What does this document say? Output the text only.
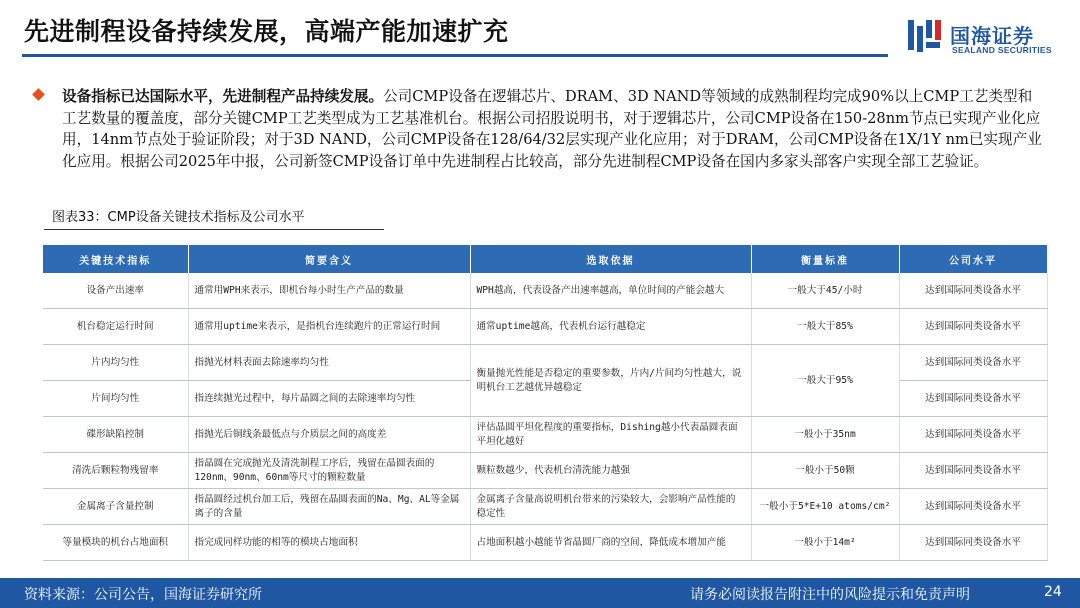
先进制程设备持续发展，高端产能加速扩充	国海证券
SEALAND SECURITIES
设备指标已达国际水平，先进制程产品持续发展。公司CMP设备在逻辑芯片、DRAM、3D NAND等领域的成熟制程均完成90%以上CMP工艺类型和工艺数量的覆盖度，部分关键CMP工艺类型成为工艺基准机台。根据公司招股说明书，对于逻辑芯片，公司CMP设备在150-28nm节点已实现产业化应用，14nm节点处于验证阶段；对于3D NAND，公司CMP设备在128/64/32层实现产业化应用；对于DRAM，公司CMP设备在1X/1Y nm已实现产业化应用。根据公司2025年中报，公司新签CMP设备订单中先进制程占比较高，部分先进制程CMP设备在国内多家头部客户实现全部工艺验证。
图表33：CMP设备关键技术指标及公司水平
关键技术指标	简要含义	选取依据	衡量标准	公司水平
设备产出速率	通常用WPH来表示，即机台每小时生产产品的数量	WPH越高，代表设备产出速率越高，单位时间的产能会越大	一般大于45/小时	达到国际同类设备水平
机台稳定运行时间	通常用uptime来表示，是指机台连续跑片的正常运行时间	通常uptime越高，代表机台运行越稳定	一般大于85%	达到国际同类设备水平
片内均匀性	指抛光材料表面去除速率均匀性	衡量抛光性能是否稳定的重要参数，片内/片间均匀性越大，说明机台工艺越优异越稳定	一般大于95%	达到国际同类设备水平
片间均匀性	指连续抛光过程中，每片晶圆之间的去除速率均匀性			达到国际同类设备水平
碟形缺陷控制	指抛光后铜线条最低点与介质层之间的高度差	评估晶圆平坦化程度的重要指标，Dishing越小代表晶圆表面平坦化越好	一般小于35nm	达到国际同类设备水平
清洗后颗粒物残留率	指晶圆在完成抛光及清洗制程工序后，残留在晶圆表面的120nm、90nm、60nm等尺寸的颗粒数量	颗粒数越少，代表机台清洗能力越强	一般小于50颗	达到国际同类设备水平
金属离子含量控制	指晶圆经过机台加工后，残留在晶圆表面的Na、Mg、AL等金属离子的含量	金属离子含量高说明机台带来的污染较大，会影响产品性能的稳定性	一般小于5*E+10 atoms/cm²	达到国际同类设备水平
等量模块的机台占地面积	指完成同样功能的相等的模块占地面积	占地面积越小越能节省晶圆厂商的空间，降低成本增加产能	一般小于14m²	达到国际同类设备水平
资料来源：公司公告，国海证券研究所	请务必阅读报告附注中的风险提示和免责声明	24
